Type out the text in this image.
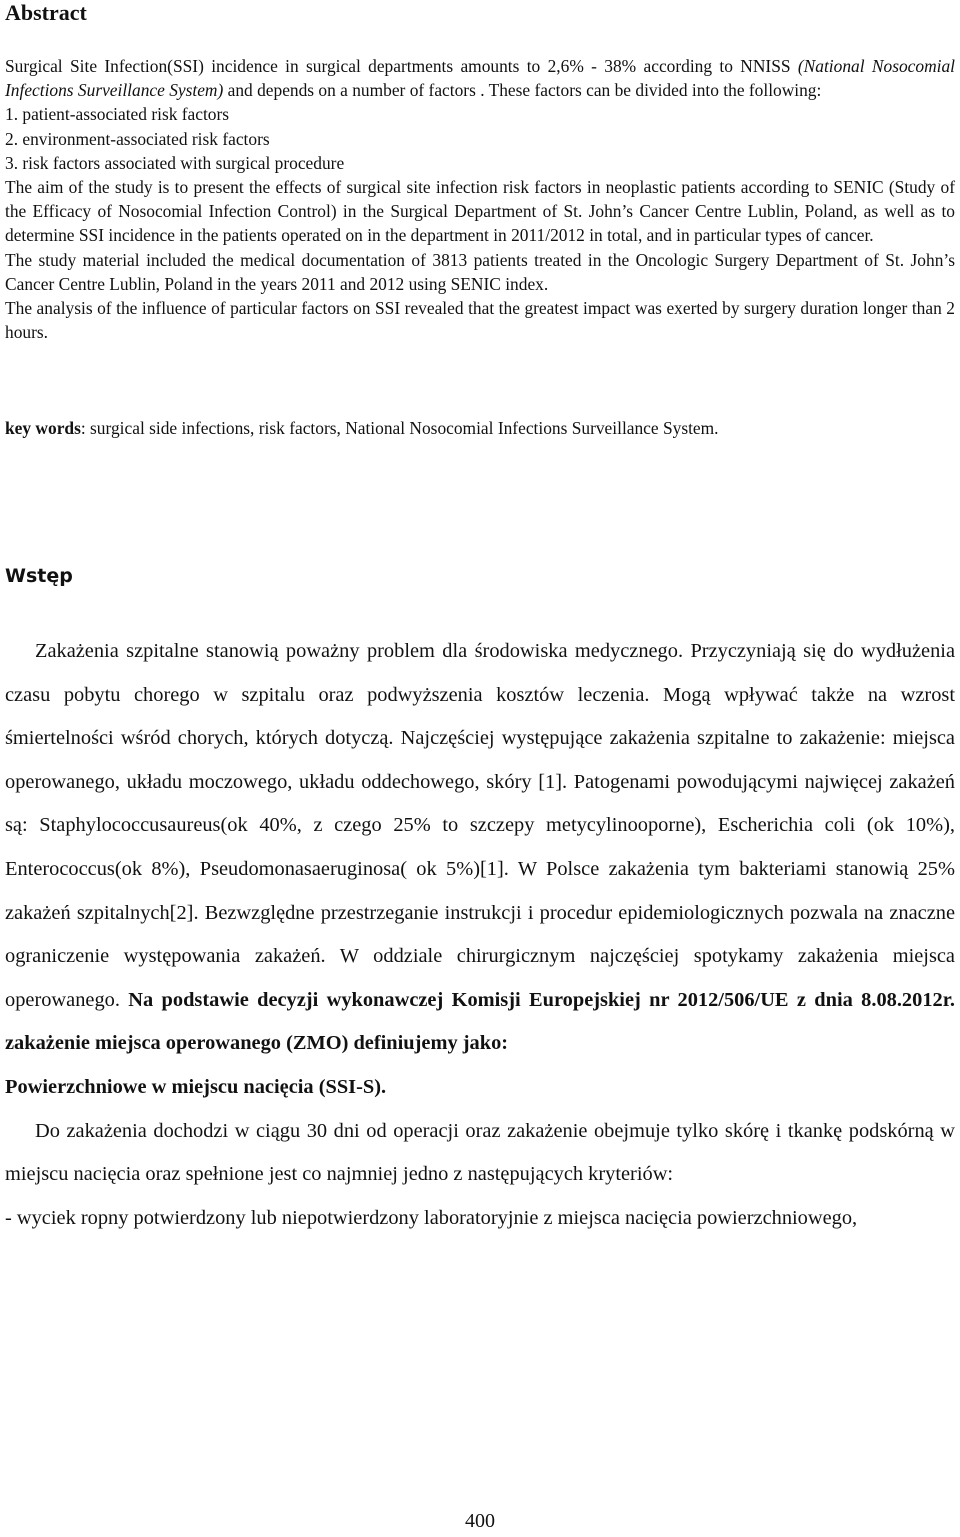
Abstract

Surgical Site Infection(SSI) incidence in surgical departments amounts to 2,6% - 38% according to NNISS (National Nosocomial Infections Surveillance System) and depends on a number of factors . These factors can be divided into the following:

1. patient-associated risk factors
2. environment-associated risk factors
3. risk factors associated with surgical procedure

The aim of the study is to present the effects of surgical site infection risk factors in neoplastic patients according to SENIC (Study of the Efficacy of Nosocomial Infection Control) in the Surgical Department of St. John’s Cancer Centre Lublin, Poland, as well as to determine SSI incidence in the patients operated on in the department in 2011/2012 in total, and in particular types of cancer.

The study material included the medical documentation of 3813 patients treated in the Oncologic Surgery Department of St. John’s Cancer Centre Lublin, Poland in the years 2011 and 2012 using SENIC index.

The analysis of the influence of particular factors on SSI revealed that the greatest impact was exerted by surgery duration longer than 2 hours.

key words: surgical side infections, risk factors, National Nosocomial Infections Surveillance System.
Wstęp

Zakażenia szpitalne stanowią poważny problem dla środowiska medycznego. Przyczyniają się do wydłużenia czasu pobytu chorego w szpitalu oraz podwyższenia kosztów leczenia. Mogą wpływać także na wzrost śmiertelności wśród chorych, których dotyczą. Najczęściej występujące zakażenia szpitalne to zakażenie: miejsca operowanego, układu moczowego, układu oddechowego, skóry [1]. Patogenami powodującymi najwięcej zakażeń są: Staphylococcusaureus(ok 40%, z czego 25% to szczepy metycylinooporne), Escherichia coli (ok 10%), Enterococcus(ok 8%), Pseudomonasaeruginosa( ok 5%)[1]. W Polsce zakażenia tym bakteriami stanowią 25% zakażeń szpitalnych[2]. Bezwzględne przestrzeganie instrukcji i procedur epidemiologicznych pozwala na znaczne ograniczenie występowania zakażeń. W oddziale chirurgicznym najczęściej spotykamy zakażenia miejsca operowanego. Na podstawie decyzji wykonawczej Komisji Europejskiej nr 2012/506/UE z dnia 8.08.2012r. zakażenie miejsca operowanego (ZMO) definiujemy jako:

Powierzchniowe w miejscu nacięcia (SSI-S).

Do zakażenia dochodzi w ciągu 30 dni od operacji oraz zakażenie obejmuje tylko skórę i tkankę podskórną w miejscu nacięcia oraz spełnione jest co najmniej jedno z następujących kryteriów:

- wyciek ropny potwierdzony lub niepotwierdzony laboratoryjnie z miejsca nacięcia powierzchniowego,

400
